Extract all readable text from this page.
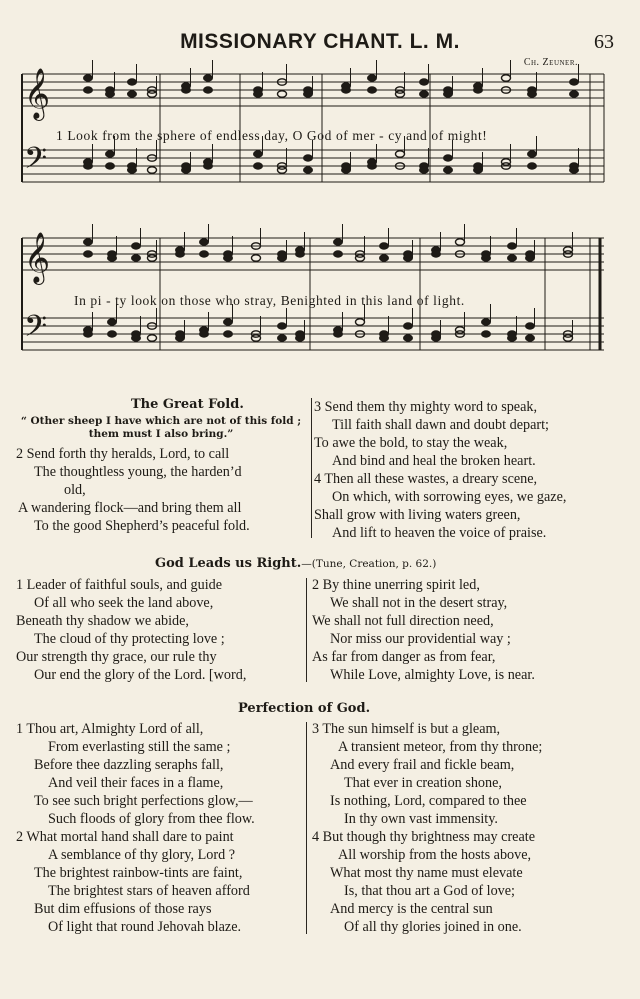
MISSIONARY CHANT. L. M.	63
Ch. Zeuner.
𝄞
𝄞
𝄢
𝄢
1 Look from the sphere of endless day, O God of mer - cy and of might!
In pi - ty look on those who stray, Benighted in this land of light.
The Great Fold.
“ Other sheep I have which are not of this fold ;
them must I also bring.”
2 Send forth thy heralds, Lord, to call
The thoughtless young, the harden’d
old,
A wandering flock—and bring them all
To the good Shepherd’s peaceful fold.
3 Send them thy mighty word to speak,
Till faith shall dawn and doubt depart;
To awe the bold, to stay the weak,
And bind and heal the broken heart.
4 Then all these wastes, a dreary scene,
On which, with sorrowing eyes, we gaze,
Shall grow with living waters green,
And lift to heaven the voice of praise.
God Leads us Right.—(Tune, Creation, p. 62.)
1 Leader of faithful souls, and guide
Of all who seek the land above,
Beneath thy shadow we abide,
The cloud of thy protecting love ;
Our strength thy grace, our rule thy
Our end the glory of the Lord. [word,
2 By thine unerring spirit led,
We shall not in the desert stray,
We shall not full direction need,
Nor miss our providential way ;
As far from danger as from fear,
While Love, almighty Love, is near.
Perfection of God.
1 Thou art, Almighty Lord of all,
From everlasting still the same ;
Before thee dazzling seraphs fall,
And veil their faces in a flame,
To see such bright perfections glow,—
Such floods of glory from thee flow.
2 What mortal hand shall dare to paint
A semblance of thy glory, Lord ?
The brightest rainbow-tints are faint,
The brightest stars of heaven afford
But dim effusions of those rays
Of light that round Jehovah blaze.
3 The sun himself is but a gleam,
A transient meteor, from thy throne;
And every frail and fickle beam,
That ever in creation shone,
Is nothing, Lord, compared to thee
In thy own vast immensity.
4 But though thy brightness may create
All worship from the hosts above,
What most thy name must elevate
Is, that thou art a God of love;
And mercy is the central sun
Of all thy glories joined in one.
